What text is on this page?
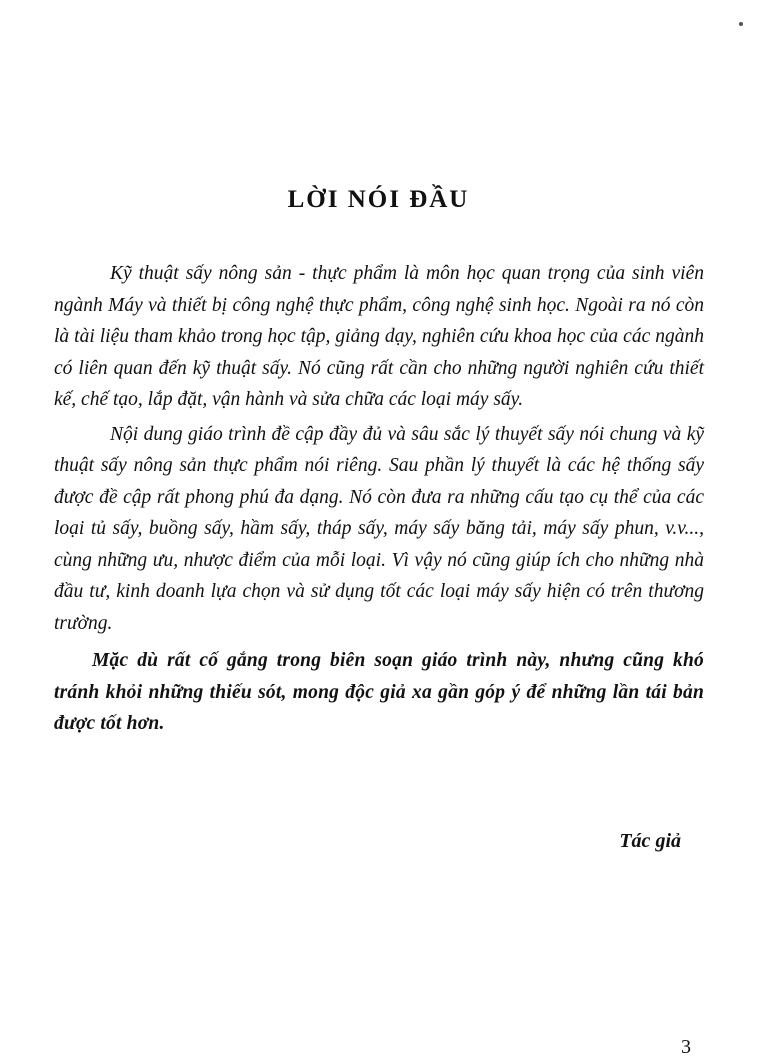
LỜI NÓI ĐẦU

Kỹ thuật sấy nông sản - thực phẩm là môn học quan trọng của sinh viên ngành Máy và thiết bị công nghệ thực phẩm, công nghệ sinh học. Ngoài ra nó còn là tài liệu tham khảo trong học tập, giảng dạy, nghiên cứu khoa học của các ngành có liên quan đến kỹ thuật sấy. Nó cũng rất cần cho những người nghiên cứu thiết kế, chế tạo, lắp đặt, vận hành và sửa chữa các loại máy sấy.

Nội dung giáo trình đề cập đầy đủ và sâu sắc lý thuyết sấy nói chung và kỹ thuật sấy nông sản thực phẩm nói riêng. Sau phần lý thuyết là các hệ thống sấy được đề cập rất phong phú đa dạng. Nó còn đưa ra những cấu tạo cụ thể của các loại tủ sấy, buồng sấy, hầm sấy, tháp sấy, máy sấy băng tải, máy sấy phun, v.v..., cùng những ưu, nhược điểm của mỗi loại. Vì vậy nó cũng giúp ích cho những nhà đầu tư, kinh doanh lựa chọn và sử dụng tốt các loại máy sấy hiện có trên thương trường.

Mặc dù rất cố gắng trong biên soạn giáo trình này, nhưng cũng khó tránh khỏi những thiếu sót, mong độc giả xa gần góp ý để những lần tái bản được tốt hơn.

Tác giả
3
